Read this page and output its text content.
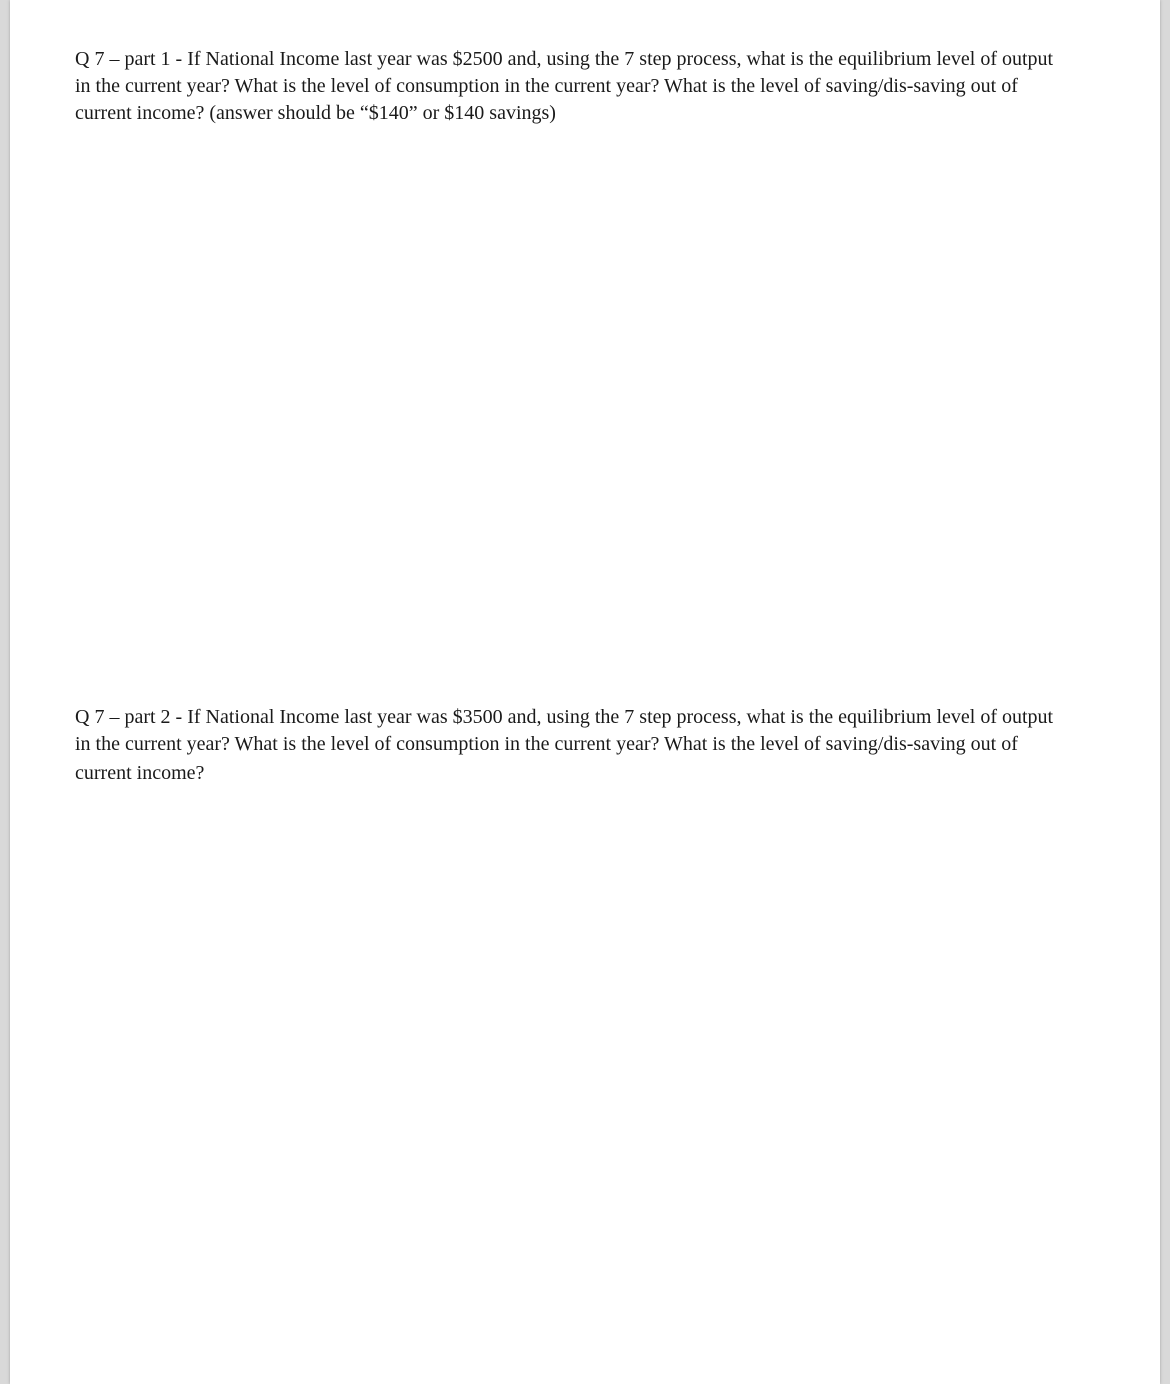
Q 7 – part 1 - If National Income last year was $2500 and, using the 7 step process, what is the equilibrium level of output
in the current year? What is the level of consumption in the current year? What is the level of saving/dis-saving out of
current income? (answer should be “$140” or $140 savings)

Q 7 – part 2 - If National Income last year was $3500 and, using the 7 step process, what is the equilibrium level of output
in the current year? What is the level of consumption in the current year? What is the level of saving/dis-saving out of
current income?
